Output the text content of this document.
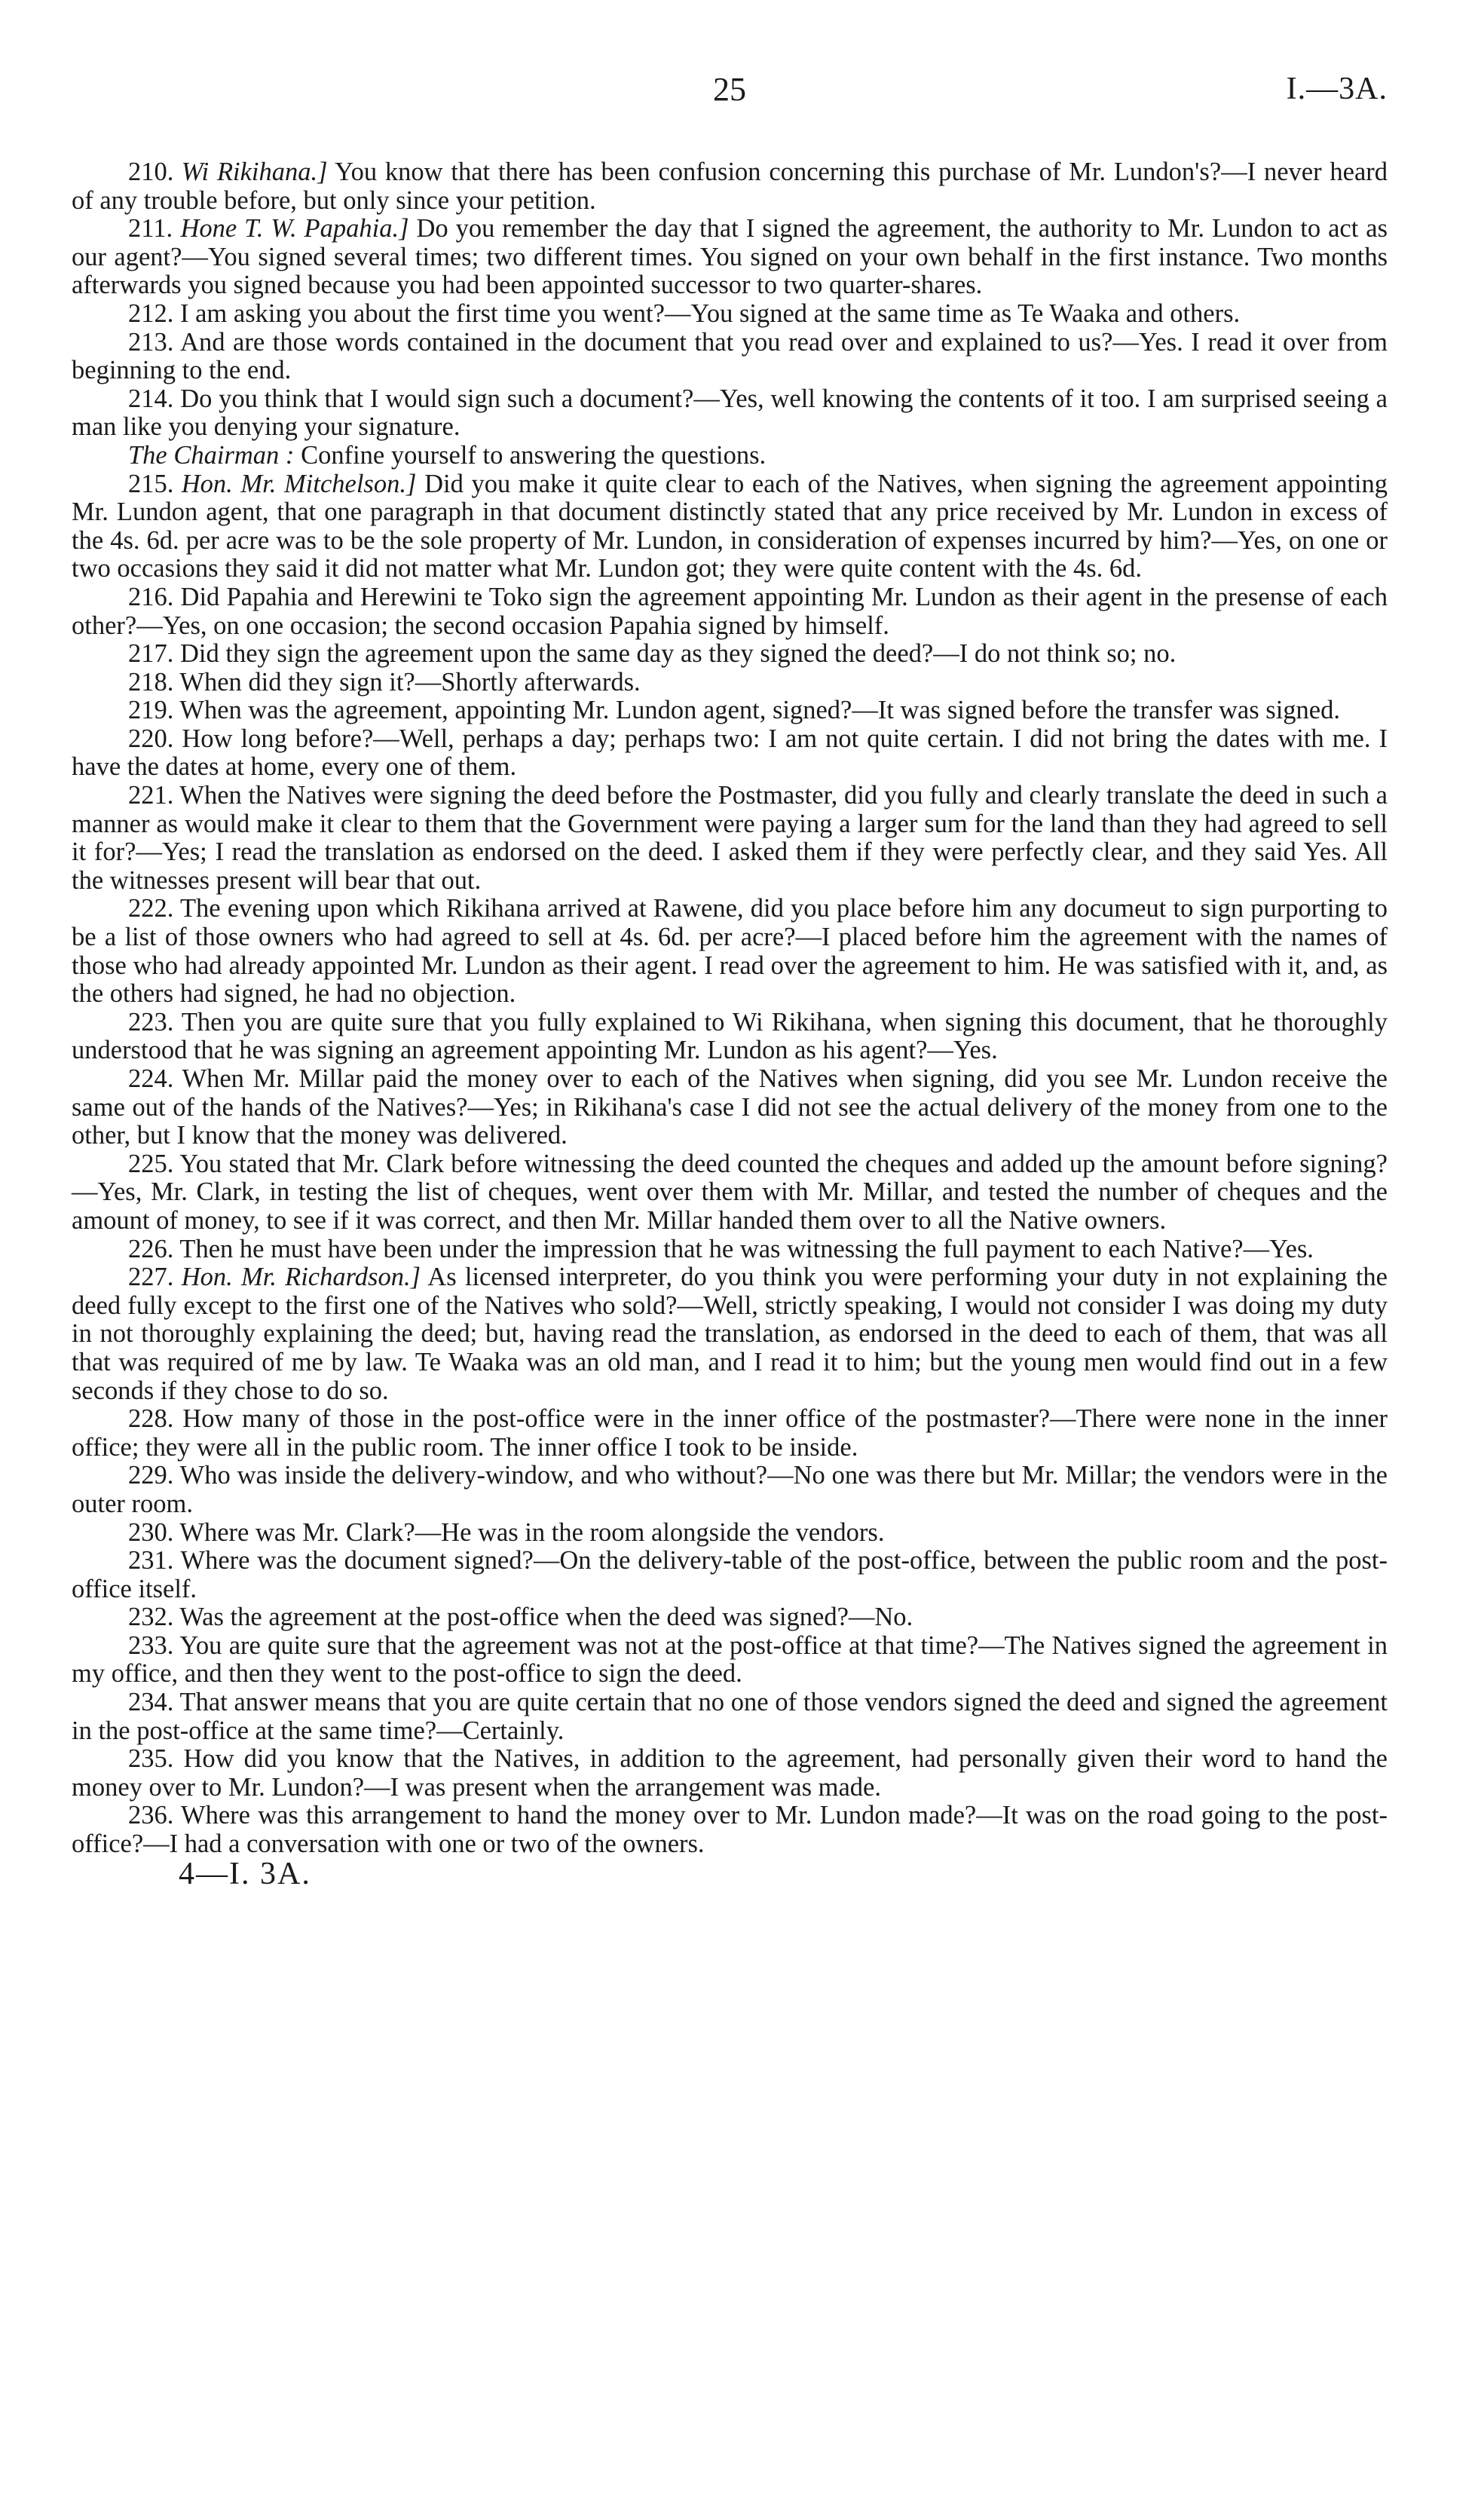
25	I.—3A.

210. Wi Rikihana.] You know that there has been confusion concerning this purchase of Mr. Lundon's?—I never heard of any trouble before, but only since your petition.

211. Hone T. W. Papahia.] Do you remember the day that I signed the agreement, the authority to Mr. Lundon to act as our agent?—You signed several times; two different times. You signed on your own behalf in the first instance. Two months afterwards you signed because you had been appointed successor to two quarter-shares.

212. I am asking you about the first time you went?—You signed at the same time as Te Waaka and others.

213. And are those words contained in the document that you read over and explained to us?—Yes. I read it over from beginning to the end.

214. Do you think that I would sign such a document?—Yes, well knowing the contents of it too. I am surprised seeing a man like you denying your signature.

The Chairman : Confine yourself to answering the questions.

215. Hon. Mr. Mitchelson.] Did you make it quite clear to each of the Natives, when signing the agreement appointing Mr. Lundon agent, that one paragraph in that document distinctly stated that any price received by Mr. Lundon in excess of the 4s. 6d. per acre was to be the sole property of Mr. Lundon, in consideration of expenses incurred by him?—Yes, on one or two occasions they said it did not matter what Mr. Lundon got; they were quite content with the 4s. 6d.

216. Did Papahia and Herewini te Toko sign the agreement appointing Mr. Lundon as their agent in the presense of each other?—Yes, on one occasion; the second occasion Papahia signed by himself.

217. Did they sign the agreement upon the same day as they signed the deed?—I do not think so; no.

218. When did they sign it?—Shortly afterwards.

219. When was the agreement, appointing Mr. Lundon agent, signed?—It was signed before the transfer was signed.

220. How long before?—Well, perhaps a day; perhaps two: I am not quite certain. I did not bring the dates with me. I have the dates at home, every one of them.

221. When the Natives were signing the deed before the Postmaster, did you fully and clearly translate the deed in such a manner as would make it clear to them that the Government were paying a larger sum for the land than they had agreed to sell it for?—Yes; I read the translation as endorsed on the deed. I asked them if they were perfectly clear, and they said Yes. All the witnesses present will bear that out.

222. The evening upon which Rikihana arrived at Rawene, did you place before him any documeut to sign purporting to be a list of those owners who had agreed to sell at 4s. 6d. per acre?—I placed before him the agreement with the names of those who had already appointed Mr. Lundon as their agent. I read over the agreement to him. He was satisfied with it, and, as the others had signed, he had no objection.

223. Then you are quite sure that you fully explained to Wi Rikihana, when signing this document, that he thoroughly understood that he was signing an agreement appointing Mr. Lundon as his agent?—Yes.

224. When Mr. Millar paid the money over to each of the Natives when signing, did you see Mr. Lundon receive the same out of the hands of the Natives?—Yes; in Rikihana's case I did not see the actual delivery of the money from one to the other, but I know that the money was delivered.

225. You stated that Mr. Clark before witnessing the deed counted the cheques and added up the amount before signing?—Yes, Mr. Clark, in testing the list of cheques, went over them with Mr. Millar, and tested the number of cheques and the amount of money, to see if it was correct, and then Mr. Millar handed them over to all the Native owners.

226. Then he must have been under the impression that he was witnessing the full payment to each Native?—Yes.

227. Hon. Mr. Richardson.] As licensed interpreter, do you think you were performing your duty in not explaining the deed fully except to the first one of the Natives who sold?—Well, strictly speaking, I would not consider I was doing my duty in not thoroughly explaining the deed; but, having read the translation, as endorsed in the deed to each of them, that was all that was required of me by law. Te Waaka was an old man, and I read it to him; but the young men would find out in a few seconds if they chose to do so.

228. How many of those in the post-office were in the inner office of the postmaster?—There were none in the inner office; they were all in the public room. The inner office I took to be inside.

229. Who was inside the delivery-window, and who without?—No one was there but Mr. Millar; the vendors were in the outer room.

230. Where was Mr. Clark?—He was in the room alongside the vendors.

231. Where was the document signed?—On the delivery-table of the post-office, between the public room and the post-office itself.

232. Was the agreement at the post-office when the deed was signed?—No.

233. You are quite sure that the agreement was not at the post-office at that time?—The Natives signed the agreement in my office, and then they went to the post-office to sign the deed.

234. That answer means that you are quite certain that no one of those vendors signed the deed and signed the agreement in the post-office at the same time?—Certainly.

235. How did you know that the Natives, in addition to the agreement, had personally given their word to hand the money over to Mr. Lundon?—I was present when the arrangement was made.

236. Where was this arrangement to hand the money over to Mr. Lundon made?—It was on the road going to the post-office?—I had a conversation with one or two of the owners.

4—I. 3A.
